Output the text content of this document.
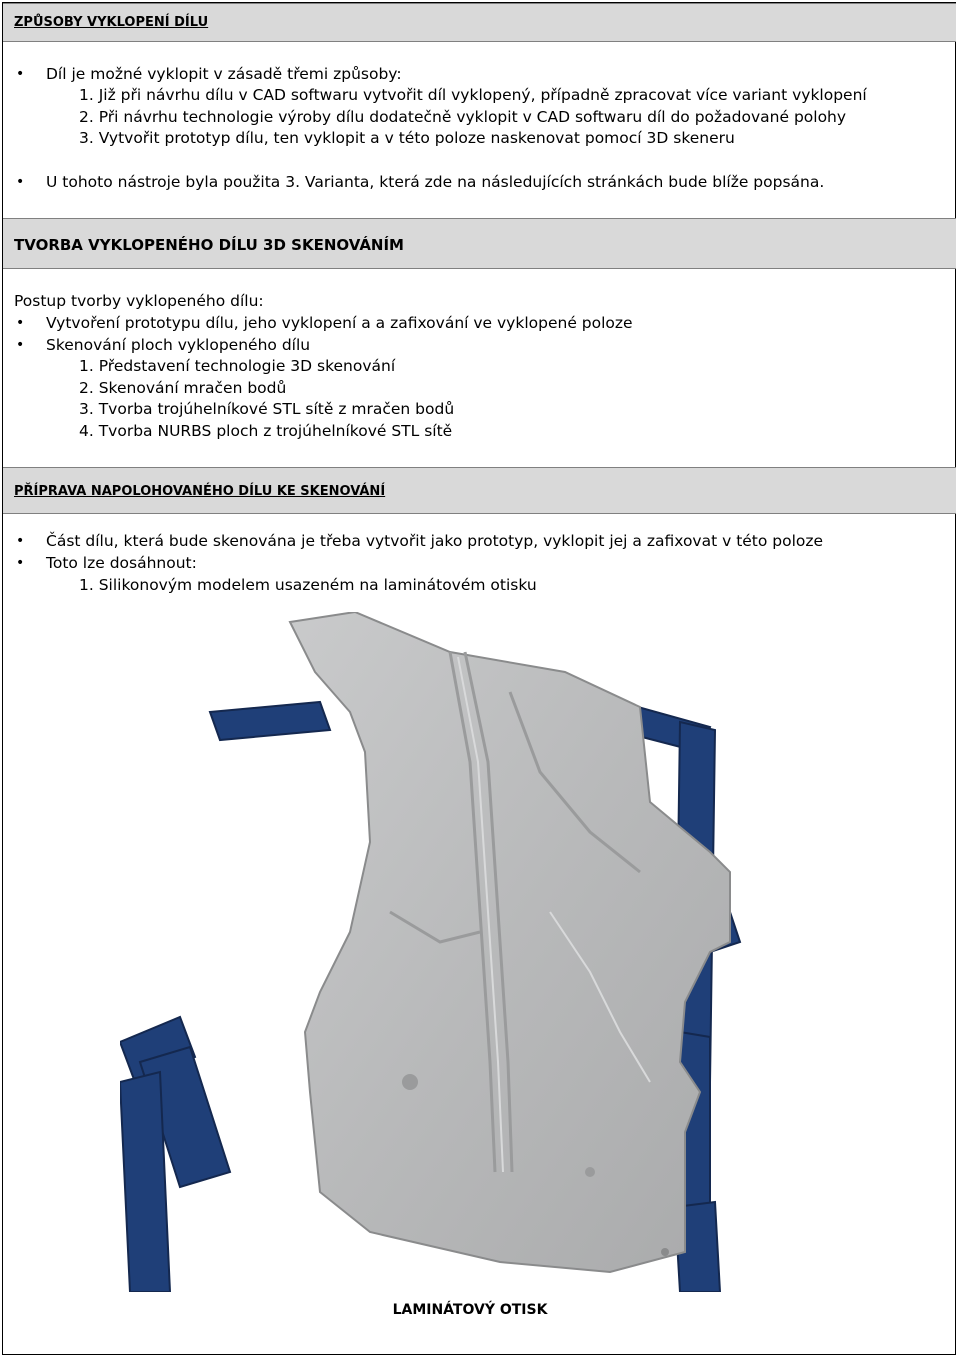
ZPŮSOBY VYKLOPENÍ DÍLU
• Díl je možné vyklopit v zásadě třemi způsoby:
1. Již při návrhu dílu v CAD softwaru vytvořit díl vyklopený, případně zpracovat více variant vyklopení
2. Při návrhu technologie výroby dílu dodatečně vyklopit v CAD softwaru díl do požadované polohy
3. Vytvořit prototyp dílu, ten vyklopit a v této poloze naskenovat pomocí 3D skeneru
• U tohoto nástroje byla použita 3. Varianta, která zde na následujících stránkách bude blíže popsána.
TVORBA VYKLOPENÉHO DÍLU 3D SKENOVÁNÍM
Postup tvorby vyklopeného dílu:
• Vytvoření prototypu dílu, jeho vyklopení a a zafixování ve vyklopené poloze
• Skenování ploch vyklopeného dílu
1. Představení technologie 3D skenování
2. Skenování mračen bodů
3. Tvorba trojúhelníkové STL sítě z mračen bodů
4. Tvorba NURBS ploch z trojúhelníkové STL sítě
PŘÍPRAVA NAPOLOHOVANÉHO DÍLU KE SKENOVÁNÍ
• Část dílu, která bude skenována je třeba vytvořit jako prototyp, vyklopit jej a zafixovat v této poloze
• Toto lze dosáhnout:
1. Silikonovým modelem usazeném na laminátovém otisku
LAMINÁTOVÝ OTISK
